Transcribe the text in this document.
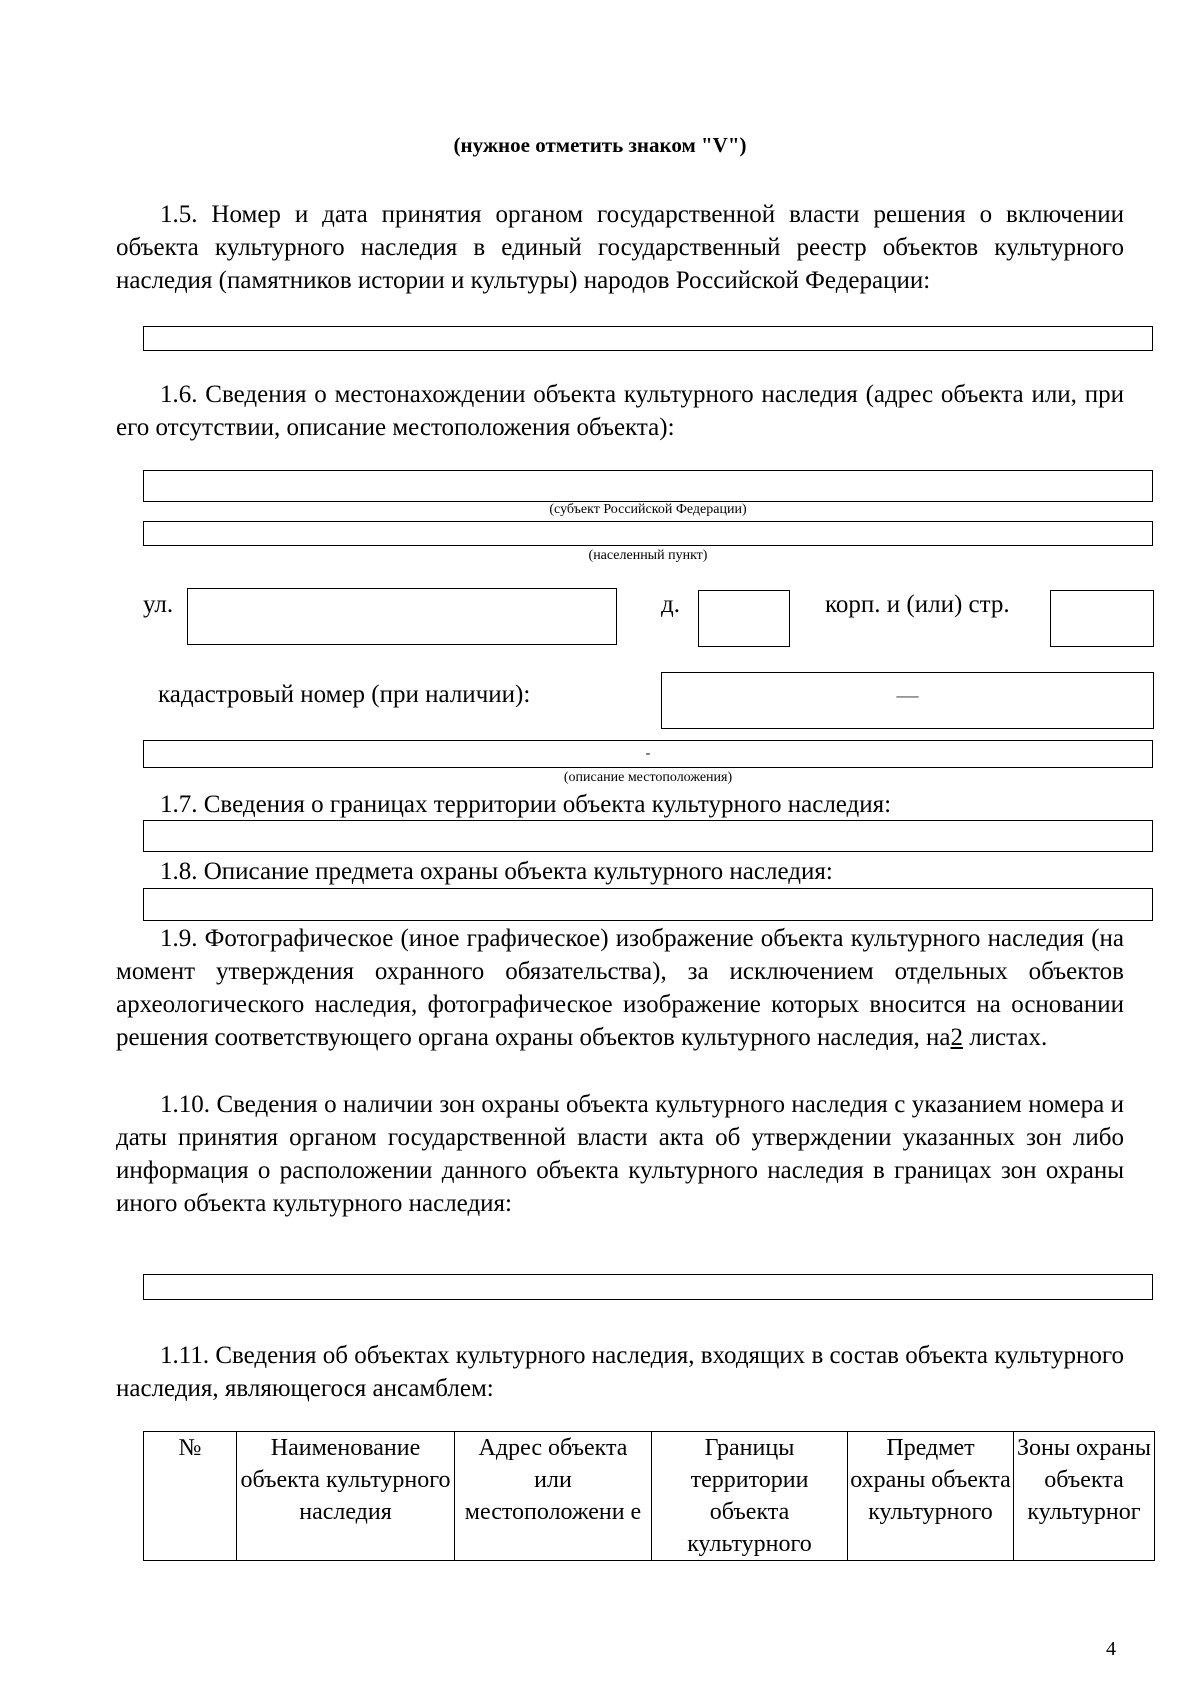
(нужное отметить знаком "V")
1.5. Номер и дата принятия органом государственной власти решения о включении объекта культурного наследия в единый государственный реестр объектов культурного наследия (памятников истории и культуры) народов Российской Федерации:
1.6. Сведения о местонахождении объекта культурного наследия (адрес объекта или, при его отсутствии, описание местоположения объекта):
(субъект Российской Федерации)
(населенный пункт)
ул.	д.	корп. и (или) стр.
кадастровый номер (при наличии):	—
-
(описание местоположения)
1.7. Сведения о границах территории объекта культурного наследия:
1.8. Описание предмета охраны объекта культурного наследия:
1.9. Фотографическое (иное графическое) изображение объекта культурного наследия (на момент утверждения охранного обязательства), за исключением отдельных объектов археологического наследия, фотографическое изображение которых вносится на основании решения соответствующего органа охраны объектов культурного наследия, на2 листах.
1.10. Сведения о наличии зон охраны объекта культурного наследия с указанием номера и даты принятия органом государственной власти акта об утверждении указанных зон либо информация о расположении данного объекта культурного наследия в границах зон охраны иного объекта культурного наследия:
1.11. Сведения об объектах культурного наследия, входящих в состав объекта культурного наследия, являющегося ансамблем:
№	Наименование объекта культурного наследия	Адрес объекта или местоположени е	Границы территории объекта культурного	Предмет охраны объекта культурного	Зоны охраны объекта культурног
4
